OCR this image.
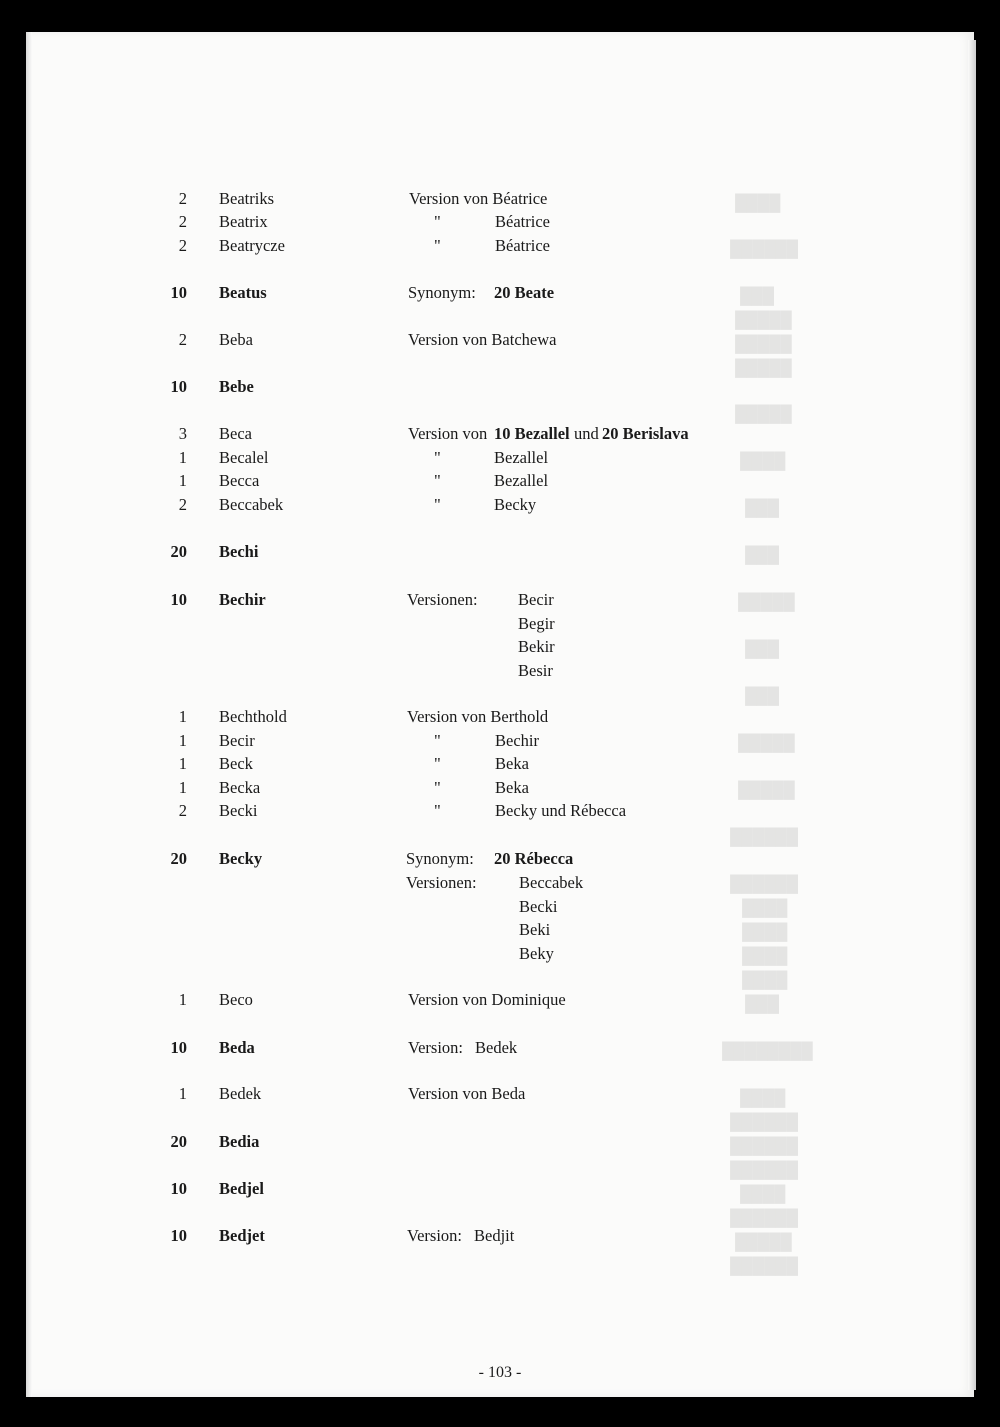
2 Beatriks	Version von Béatrice
2 Beatrix	"	Béatrice
2 Beatrycze	"	Béatrice
10 Beatus	Synonym: 20 Beate
2 Beba	Version von Batchewa
10 Bebe
3 Beca	Version von 10 Bezallel und 20 Berislava
1 Becalel	"	Bezallel
1 Becca	"	Bezallel
2 Beccabek	"	Becky
20 Bechi
10 Bechir	Versionen: Becir
Begir
Bekir
Besir
1 Bechthold	Version von Berthold
1 Becir	"	Bechir
1 Beck	"	Beka
1 Becka	"	Beka
2 Becki	"	Becky und Rébecca
20 Becky	Synonym: 20 Rébecca
Versionen:	Beccabek
Becki
Beki
Beky
1 Beco	Version von Dominique
10 Beda	Version: Bedek
1 Bedek	Version von Beda
20 Bedia
10 Bedjel
10 Bedjet	Version: Bedjit
- 103 -
